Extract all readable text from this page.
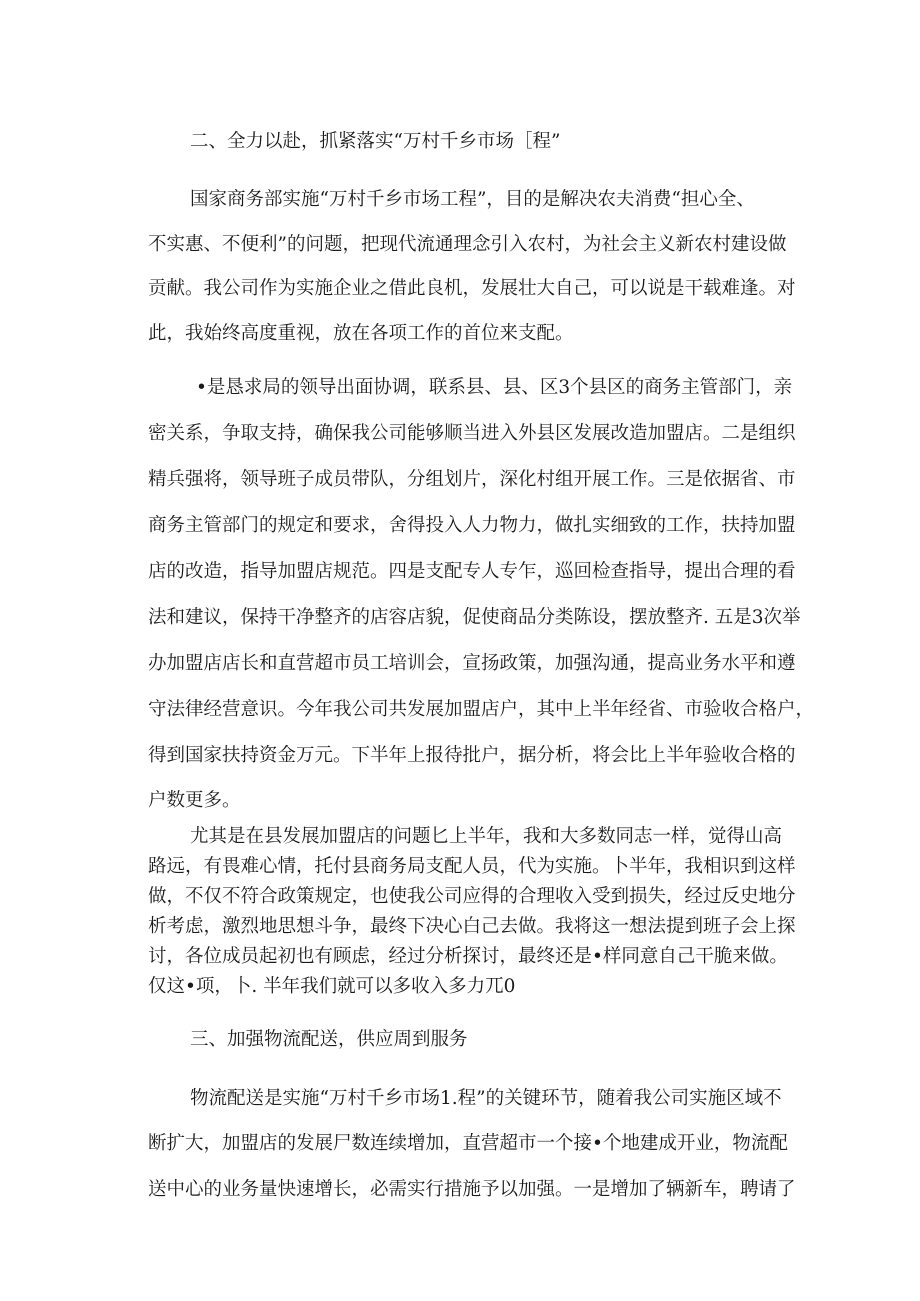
二、全力以赴，抓紧落实“万村千乡市场［程”
国家商务部实施“万村千乡市场工程”，目的是解决农夫消费“担心全、
不实惠、不便利”的问题，把现代流通理念引入农村，为社会主义新农村建设做
贡献。我公司作为实施企业之借此良机，发展壮大自己，可以说是干载难逢。对
此，我始终高度重视，放在各项工作的首位来支配。
•是恳求局的领导出面协调，联系县、县、区3个县区的商务主管部门，亲
密关系，争取支持，确保我公司能够顺当进入外县区发展改造加盟店。二是组织
精兵强将，领导班子成员带队，分组划片，深化村组开展工作。三是依据省、市
商务主管部门的规定和要求，舍得投入人力物力，做扎实细致的工作，扶持加盟
店的改造，指导加盟店规范。四是支配专人专乍，巡回检查指导，提出合理的看
法和建议，保持干净整齐的店容店貌，促使商品分类陈设，摆放整齐. 五是3次举
办加盟店店长和直营超市员工培训会，宣扬政策，加强沟通，提高业务水平和遵
守法律经营意识。今年我公司共发展加盟店户，其中上半年经省、市验收合格户，
得到国家扶持资金万元。下半年上报待批户，据分析，将会比上半年验收合格的
户数更多。
尤其是在县发展加盟店的问题匕上半年，我和大多数同志一样，觉得山高
路远，有畏难心情，托付县商务局支配人员，代为实施。卜半年，我相识到这样
做，不仅不符合政策规定，也使我公司应得的合理收入受到损失，经过反史地分
析考虑，激烈地思想斗争，最终下决心白己去做。我将这一想法提到班子会上探
讨，各位成员起初也有顾虑，经过分析探讨，最终还是•样同意自己干脆来做。
仅这•项，卜. 半年我们就可以多收入多力兀0
三、加强物流配送，供应周到服务
物流配送是实施“万村千乡市场1.程”的关键环节，随着我公司实施区域不
断扩大，加盟店的发展尸数连续增加，直营超市一个接•个地建成开业，物流配
送中心的业务量快速增长，必需实行措施予以加强。一是增加了辆新车，聘请了
